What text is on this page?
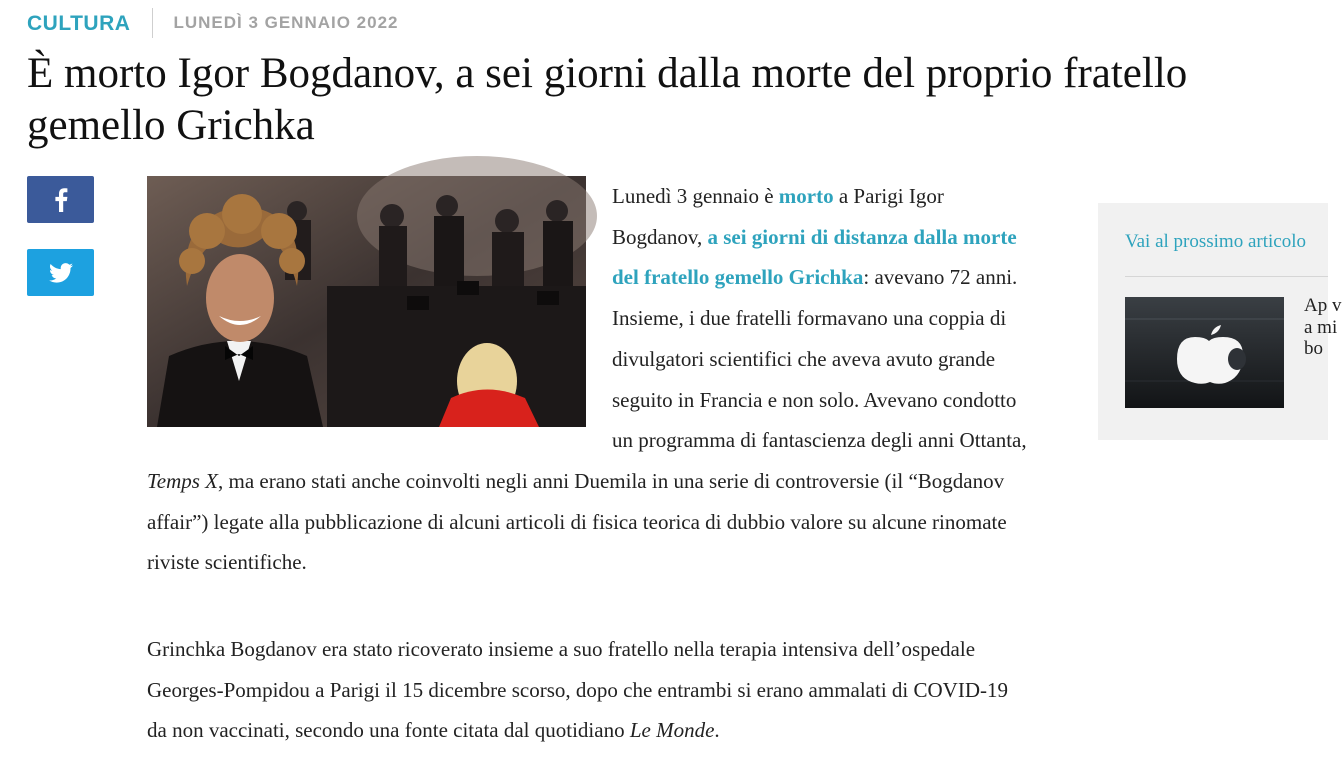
CULTURA	LUNEDÌ 3 GENNAIO 2022
È morto Igor Bogdanov, a sei giorni dalla morte del proprio fratello gemello Grichka

Lunedì 3 gennaio è morto a Parigi Igor Bogdanov, a sei giorni di distanza dalla morte del fratello gemello Grichka: avevano 72 anni. Insieme, i due fratelli formavano una coppia di divulgatori scientifici che aveva avuto grande seguito in Francia e non solo. Avevano condotto un programma di fantascienza degli anni Ottanta, Temps X, ma erano stati anche coinvolti negli anni Duemila in una serie di controversie (il “Bogdanov affair”) legate alla pubblicazione di alcuni articoli di fisica teorica di dubbio valore su alcune rinomate riviste scientifiche.

Grinchka Bogdanov era stato ricoverato insieme a suo fratello nella terapia intensiva dell’ospedale Georges-Pompidou a Parigi il 15 dicembre scorso, dopo che entrambi si erano ammalati di COVID-19 da non vaccinati, secondo una fonte citata dal quotidiano Le Monde.

Vai al prossimo articolo
Ap va mi bo
